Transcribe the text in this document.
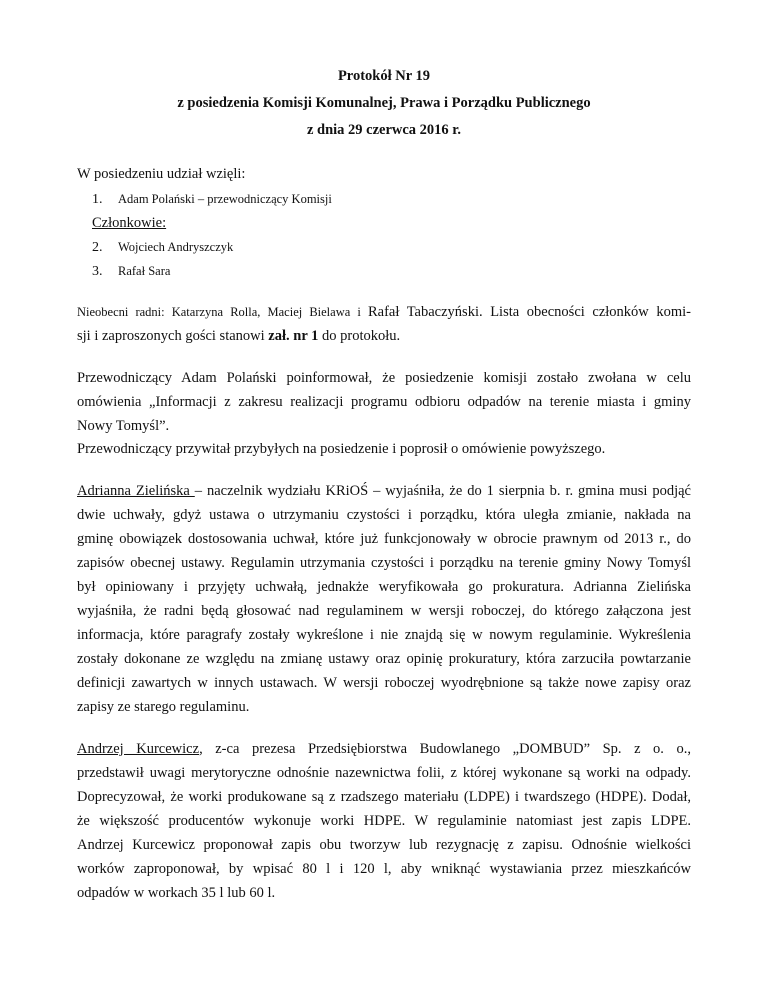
Protokół Nr 19
z posiedzenia Komisji Komunalnej, Prawa i Porządku Publicznego
z dnia 29 czerwca 2016 r.
W posiedzeniu udział wzięli:
1. Adam Polański – przewodniczący Komisji
Członkowie:
2. Wojciech Andryszczyk
3. Rafał Sara
Nieobecni radni: Katarzyna Rolla, Maciej Bielawa i Rafał Tabaczyński. Lista obecności członków komi-
sji i zaproszonych gości stanowi zał. nr 1 do protokołu.
Przewodniczący Adam Polański poinformował, że posiedzenie komisji zostało zwołana w celu
omówienia „Informacji z zakresu realizacji programu odbioru odpadów na terenie miasta i gminy
Nowy Tomyśl”.
Przewodniczący przywitał przybyłych na posiedzenie i poprosił o omówienie powyższego.
Adrianna Zielińska – naczelnik wydziału KRiOŚ – wyjaśniła, że do 1 sierpnia b. r. gmina musi podjąć
dwie uchwały, gdyż ustawa o utrzymaniu czystości i porządku, która uległa zmianie, nakłada na
gminę obowiązek dostosowania uchwał, które już funkcjonowały w obrocie prawnym od 2013 r., do
zapisów obecnej ustawy. Regulamin utrzymania czystości i porządku na terenie gminy Nowy Tomyśl
był opiniowany i przyjęty uchwałą, jednakże weryfikowała go prokuratura. Adrianna Zielińska
wyjaśniła, że radni będą głosować nad regulaminem w wersji roboczej, do którego załączona jest
informacja, które paragrafy zostały wykreślone i nie znajdą się w nowym regulaminie. Wykreślenia
zostały dokonane ze względu na zmianę ustawy oraz opinię prokuratury, która zarzuciła powtarzanie
definicji zawartych w innych ustawach. W wersji roboczej wyodrębnione są także nowe zapisy oraz
zapisy ze starego regulaminu.
Andrzej Kurcewicz, z-ca prezesa Przedsiębiorstwa Budowlanego „DOMBUD” Sp. z o. o.,
przedstawił uwagi merytoryczne odnośnie nazewnictwa folii, z której wykonane są worki na odpady.
Doprecyzował, że worki produkowane są z rzadszego materiału (LDPE) i twardszego (HDPE). Dodał,
że większość producentów wykonuje worki HDPE. W regulaminie natomiast jest zapis LDPE.
Andrzej Kurcewicz proponował zapis obu tworzyw lub rezygnację z zapisu. Odnośnie wielkości
worków zaproponował, by wpisać 80 l i 120 l, aby wniknąć wystawiania przez mieszkańców
odpadów w workach 35 l lub 60 l.
